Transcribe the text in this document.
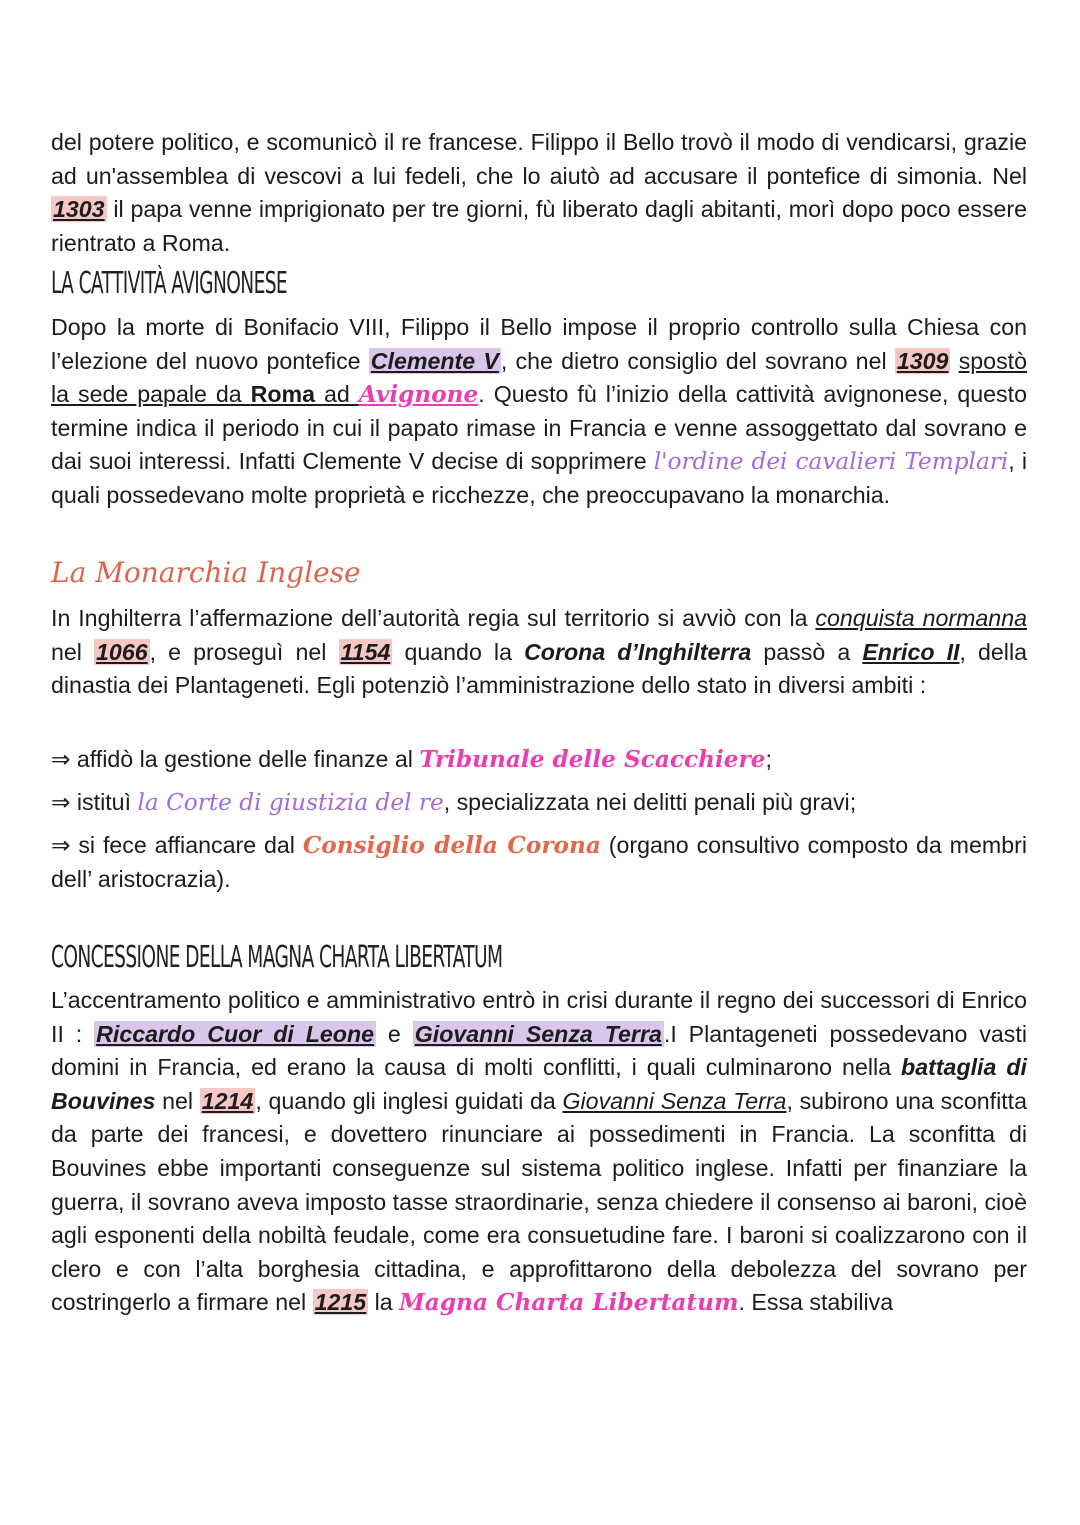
del potere politico, e scomunicò il re francese. Filippo il Bello trovò il modo di vendicarsi, grazie ad un'assemblea di vescovi a lui fedeli, che lo aiutò ad accusare il pontefice di simonia. Nel 1303 il papa venne imprigionato per tre giorni, fù liberato dagli abitanti, morì dopo poco essere rientrato a Roma.

LA CATTIVITÀ AVIGNONESE

Dopo la morte di Bonifacio VIII, Filippo il Bello impose il proprio controllo sulla Chiesa con l’elezione del nuovo pontefice Clemente V, che dietro consiglio del sovrano nel 1309 spostò la sede papale da Roma ad Avignone. Questo fù l’inizio della cattività avignonese, questo termine indica il periodo in cui il papato rimase in Francia e venne assoggettato dal sovrano e dai suoi interessi. Infatti Clemente V decise di sopprimere l'ordine dei cavalieri Templari, i quali possedevano molte proprietà e ricchezze, che preoccupavano la monarchia.

La Monarchia Inglese

In Inghilterra l’affermazione dell’autorità regia sul territorio si avviò con la conquista normanna nel 1066, e proseguì nel 1154 quando la Corona d’Inghilterra passò a Enrico II, della dinastia dei Plantageneti. Egli potenziò l’amministrazione dello stato in diversi ambiti :

⇒ affidò la gestione delle finanze al Tribunale delle Scacchiere;

⇒ istituì la Corte di giustizia del re, specializzata nei delitti penali più gravi;

⇒ si fece affiancare dal Consiglio della Corona (organo consultivo composto da membri dell’ aristocrazia).

CONCESSIONE DELLA MAGNA CHARTA LIBERTATUM

L’accentramento politico e amministrativo entrò in crisi durante il regno dei successori di Enrico II : Riccardo Cuor di Leone e Giovanni Senza Terra.I Plantageneti possedevano vasti domini in Francia, ed erano la causa di molti conflitti, i quali culminarono nella battaglia di Bouvines nel 1214, quando gli inglesi guidati da Giovanni Senza Terra, subirono una sconfitta da parte dei francesi, e dovettero rinunciare ai possedimenti in Francia. La sconfitta di Bouvines ebbe importanti conseguenze sul sistema politico inglese. Infatti per finanziare la guerra, il sovrano aveva imposto tasse straordinarie, senza chiedere il consenso ai baroni, cioè agli esponenti della nobiltà feudale, come era consuetudine fare. I baroni si coalizzarono con il clero e con l’alta borghesia cittadina, e approfittarono della debolezza del sovrano per costringerlo a firmare nel 1215 la Magna Charta Libertatum. Essa stabiliva
